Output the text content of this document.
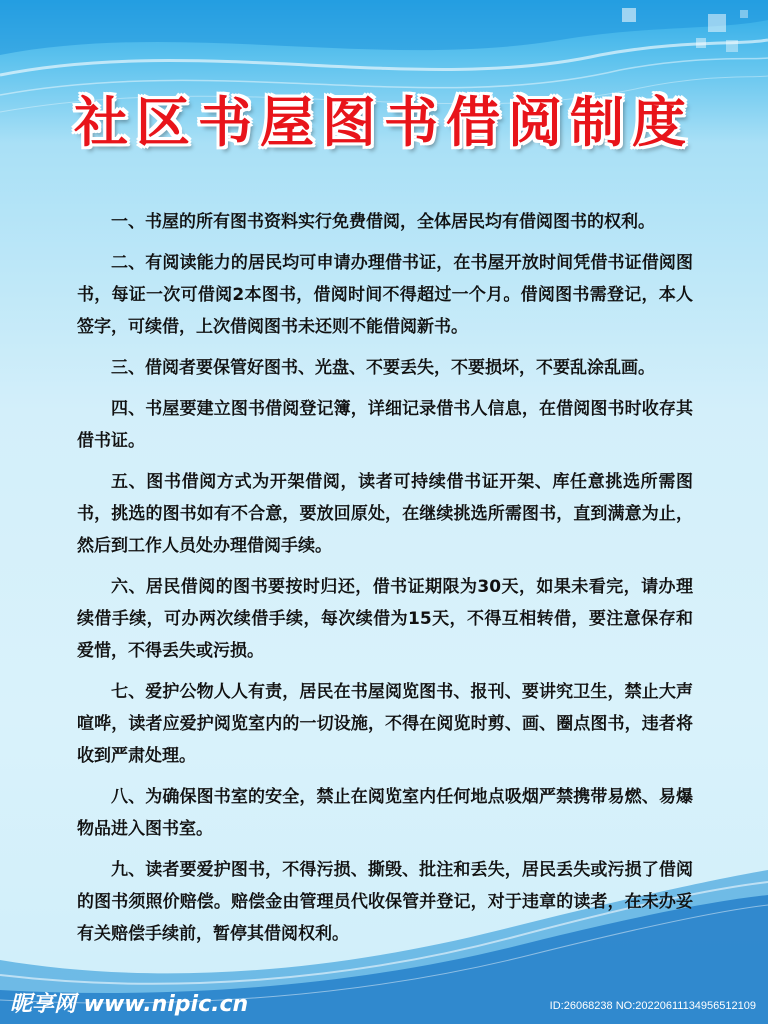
社区书屋图书借阅制度

一、书屋的所有图书资料实行免费借阅，全体居民均有借阅图书的权利。

二、有阅读能力的居民均可申请办理借书证，在书屋开放时间凭借书证借阅图书，每证一次可借阅2本图书，借阅时间不得超过一个月。借阅图书需登记，本人签字，可续借，上次借阅图书未还则不能借阅新书。

三、借阅者要保管好图书、光盘、不要丢失，不要损坏，不要乱涂乱画。

四、书屋要建立图书借阅登记簿，详细记录借书人信息，在借阅图书时收存其借书证。

五、图书借阅方式为开架借阅，读者可持续借书证开架、库任意挑选所需图书，挑选的图书如有不合意，要放回原处，在继续挑选所需图书，直到满意为止，然后到工作人员处办理借阅手续。

六、居民借阅的图书要按时归还，借书证期限为30天，如果未看完，请办理续借手续，可办两次续借手续，每次续借为15天，不得互相转借，要注意保存和爱惜，不得丢失或污损。

七、爱护公物人人有责，居民在书屋阅览图书、报刊、要讲究卫生，禁止大声喧哗，读者应爱护阅览室内的一切设施，不得在阅览时剪、画、圈点图书，违者将收到严肃处理。

八、为确保图书室的安全，禁止在阅览室内任何地点吸烟严禁携带易燃、易爆物品进入图书室。

九、读者要爱护图书，不得污损、撕毁、批注和丢失，居民丢失或污损了借阅的图书须照价赔偿。赔偿金由管理员代收保管并登记，对于违章的读者，在未办妥有关赔偿手续前，暂停其借阅权利。

昵享网 www.nipic.cn	ID:26068238 NO:20220611134956512109
